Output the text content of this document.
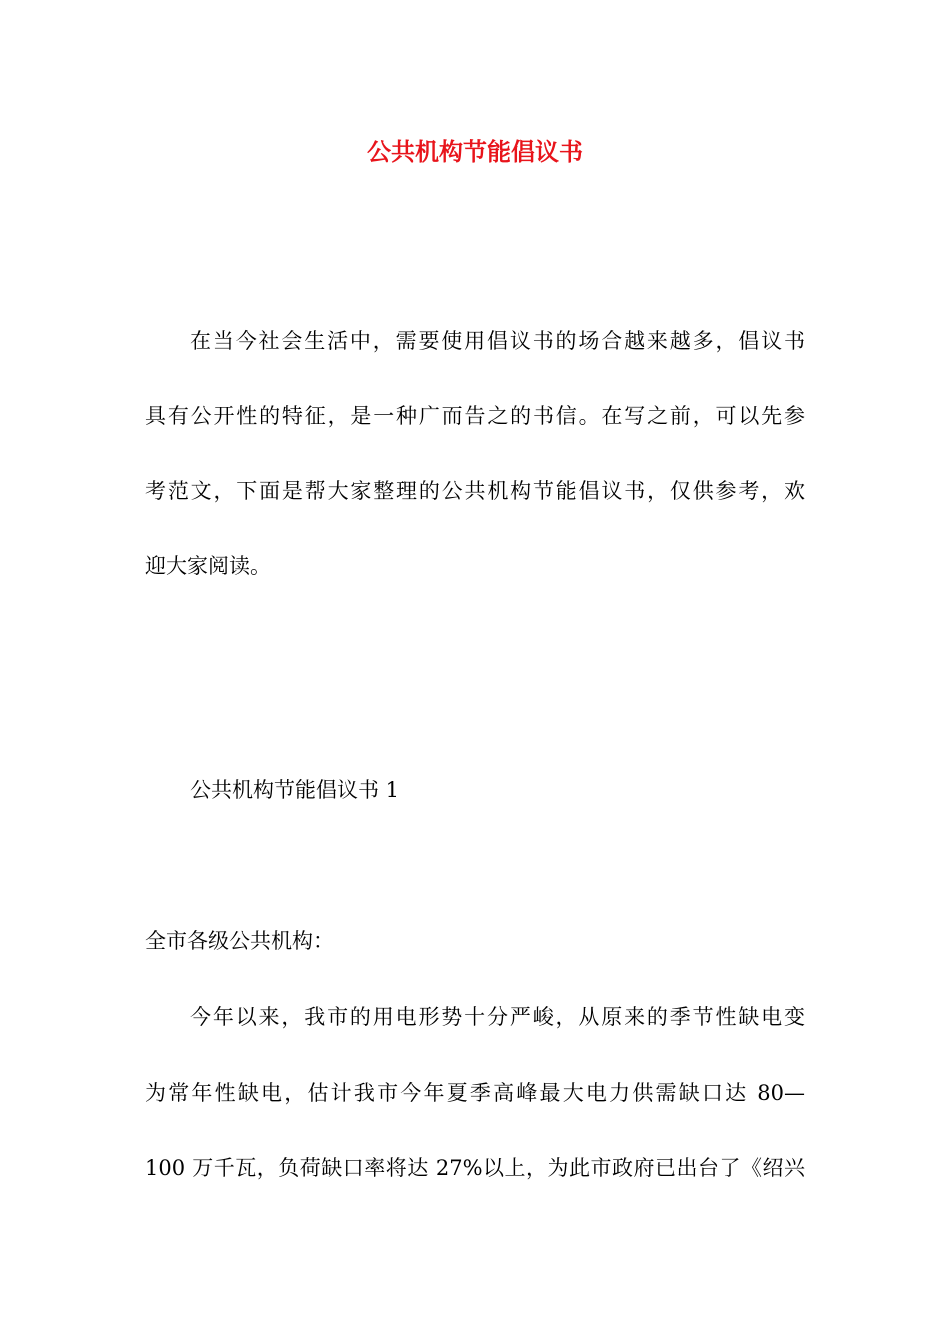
公共机构节能倡议书

在当今社会生活中，需要使用倡议书的场合越来越多，倡议书

具有公开性的特征，是一种广而告之的书信。在写之前，可以先参

考范文，下面是帮大家整理的公共机构节能倡议书，仅供参考，欢

迎大家阅读。

公共机构节能倡议书 1

全市各级公共机构：

今年以来，我市的用电形势十分严峻，从原来的季节性缺电变

为常年性缺电，估计我市今年夏季高峰最大电力供需缺口达 80—

100 万千瓦，负荷缺口率将达 27%以上，为此市政府已出台了《绍兴
